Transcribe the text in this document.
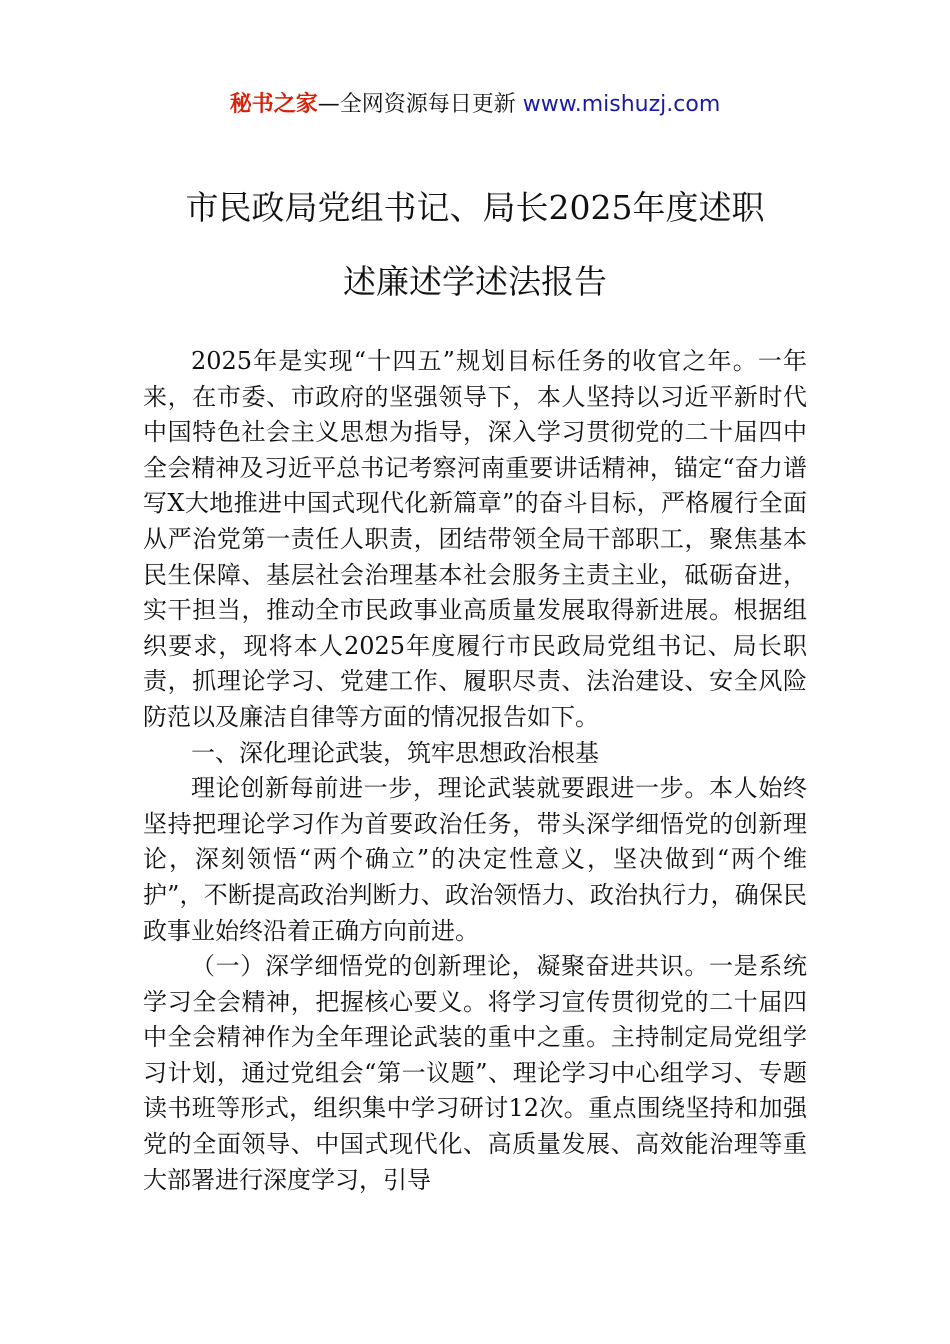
秘书之家—全网资源每日更新 www.mishuzj.com
市民政局党组书记、局长2025年度述职
述廉述学述法报告

2025年是实现“十四五”规划目标任务的收官之年。一年来，在市委、市政府的坚强领导下，本人坚持以习近平新时代中国特色社会主义思想为指导，深入学习贯彻党的二十届四中全会精神及习近平总书记考察河南重要讲话精神，锚定“奋力谱写X大地推进中国式现代化新篇章”的奋斗目标，严格履行全面从严治党第一责任人职责，团结带领全局干部职工，聚焦基本民生保障、基层社会治理基本社会服务主责主业，砥砺奋进，实干担当，推动全市民政事业高质量发展取得新进展。根据组织要求，现将本人2025年度履行市民政局党组书记、局长职责，抓理论学习、党建工作、履职尽责、法治建设、安全风险防范以及廉洁自律等方面的情况报告如下。

一、深化理论武装，筑牢思想政治根基

理论创新每前进一步，理论武装就要跟进一步。本人始终坚持把理论学习作为首要政治任务，带头深学细悟党的创新理论，深刻领悟“两个确立”的决定性意义，坚决做到“两个维护”，不断提高政治判断力、政治领悟力、政治执行力，确保民政事业始终沿着正确方向前进。

（一）深学细悟党的创新理论，凝聚奋进共识。一是系统学习全会精神，把握核心要义。将学习宣传贯彻党的二十届四中全会精神作为全年理论武装的重中之重。主持制定局党组学习计划，通过党组会“第一议题”、理论学习中心组学习、专题读书班等形式，组织集中学习研讨12次。重点围绕坚持和加强党的全面领导、中国式现代化、高质量发展、高效能治理等重大部署进行深度学习，引导
